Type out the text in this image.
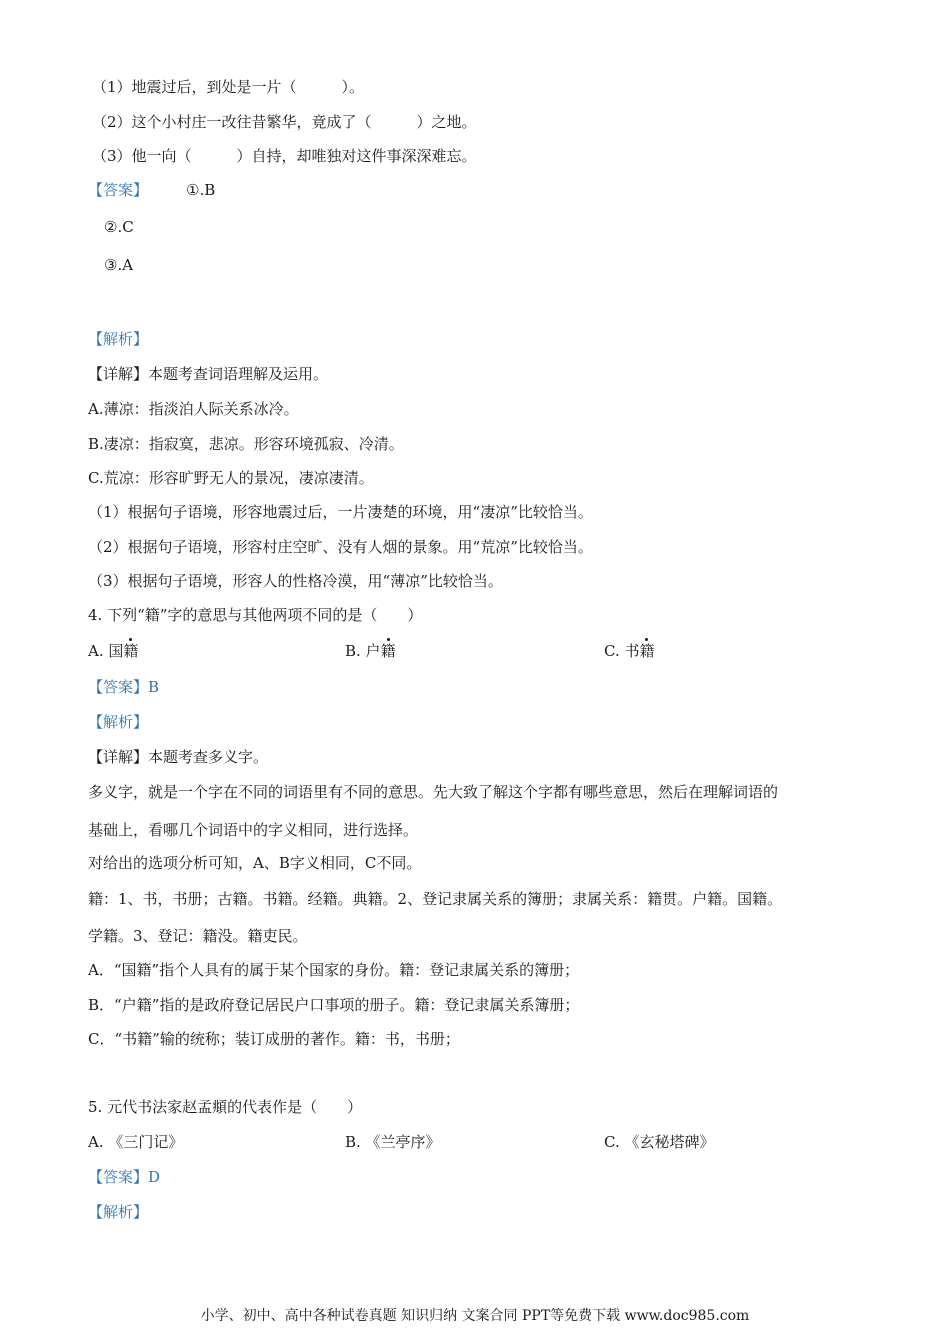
（1）地震过后，到处是一片（　　　）。
（2）这个小村庄一改往昔繁华，竟成了（　　　）之地。
（3）他一向（　　　）自持，却唯独对这件事深深难忘。
【答案】	①.B
②.C
③.A
【解析】
【详解】本题考查词语理解及运用。
A.薄凉：指淡泊人际关系冰冷。
B.凄凉：指寂寞，悲凉。形容环境孤寂、冷清。
C.荒凉：形容旷野无人的景况，凄凉凄清。
（1）根据句子语境，形容地震过后，一片凄楚的环境，用“凄凉”比较恰当。
（2）根据句子语境，形容村庄空旷、没有人烟的景象。用“荒凉”比较恰当。
（3）根据句子语境，形容人的性格冷漠，用“薄凉”比较恰当。
4. 下列“籍”字的意思与其他两项不同的是（　　）
A. 国籍	B. 户籍	C. 书籍
【答案】B
【解析】
【详解】本题考查多义字。
多义字，就是一个字在不同的词语里有不同的意思。先大致了解这个字都有哪些意思，然后在理解词语的
基础上，看哪几个词语中的字义相同，进行选择。
对给出的选项分析可知，A、B字义相同，C不同。
籍：1、书，书册；古籍。书籍。经籍。典籍。2、登记隶属关系的簿册；隶属关系：籍贯。户籍。国籍。
学籍。3、登记：籍没。籍吏民。
A．“国籍”指个人具有的属于某个国家的身份。籍：登记隶属关系的簿册；
B．“户籍”指的是政府登记居民户口事项的册子。籍：登记隶属关系簿册；
C．“书籍”输的统称；装订成册的著作。籍：书，书册；
5. 元代书法家赵孟頫的代表作是（　　）
A. 《三门记》	B. 《兰亭序》	C. 《玄秘塔碑》
【答案】D
【解析】
小学、初中、高中各种试卷真题 知识归纳 文案合同 PPT等免费下载 www.doc985.com
